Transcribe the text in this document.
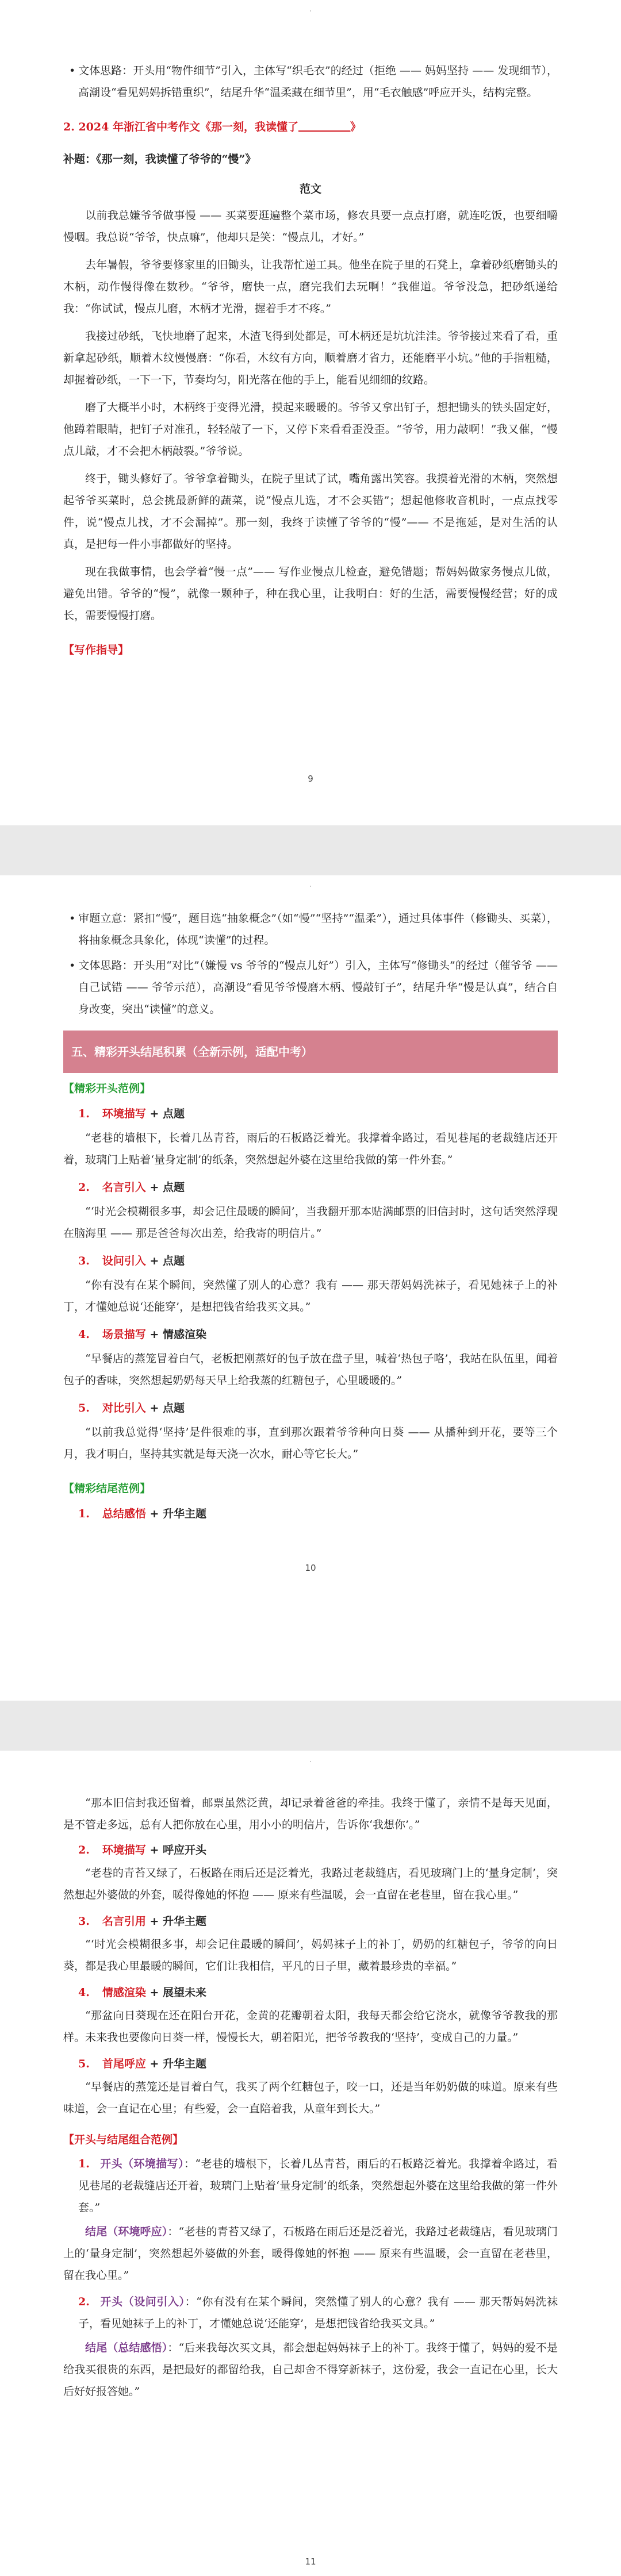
• 文体思路：开头用“物件细节”引入，主体写“织毛衣”的经过（拒绝 —— 妈妈坚持 —— 发现细节），高潮设“看见妈妈拆错重织”，结尾升华“温柔藏在细节里”，用“毛衣触感”呼应开头，结构完整。

2. 2024 年浙江省中考作文《那一刻，我读懂了	》

补题：《那一刻，我读懂了爷爷的“慢”》

范文

以前我总嫌爷爷做事慢 —— 买菜要逛遍整个菜市场，修农具要一点点打磨，就连吃饭，也要细嚼慢咽。我总说“爷爷，快点嘛”，他却只是笑：“慢点儿，才好。”

去年暑假，爷爷要修家里的旧锄头，让我帮忙递工具。他坐在院子里的石凳上，拿着砂纸磨锄头的木柄，动作慢得像在数秒。“爷爷，磨快一点，磨完我们去玩啊！”我催道。爷爷没急，把砂纸递给我：“你试试，慢点儿磨，木柄才光滑，握着手才不疼。”

我接过砂纸，飞快地磨了起来，木渣飞得到处都是，可木柄还是坑坑洼洼。爷爷接过来看了看，重新拿起砂纸，顺着木纹慢慢磨：“你看，木纹有方向，顺着磨才省力，还能磨平小坑。”他的手指粗糙，却握着砂纸，一下一下，节奏均匀，阳光落在他的手上，能看见细细的纹路。

磨了大概半小时，木柄终于变得光滑，摸起来暖暖的。爷爷又拿出钉子，想把锄头的铁头固定好，他蹲着眼睛，把钉子对准孔，轻轻敲了一下，又停下来看看歪没歪。“爷爷，用力敲啊！”我又催，“慢点儿敲，才不会把木柄敲裂。”爷爷说。

终于，锄头修好了。爷爷拿着锄头，在院子里试了试，嘴角露出笑容。我摸着光滑的木柄，突然想起爷爷买菜时，总会挑最新鲜的蔬菜，说“慢点儿选，才不会买错”；想起他修收音机时，一点点找零件，说“慢点儿找，才不会漏掉”。那一刻，我终于读懂了爷爷的“慢”—— 不是拖延，是对生活的认真，是把每一件小事都做好的坚持。

现在我做事情，也会学着“慢一点”—— 写作业慢点儿检查，避免错题；帮妈妈做家务慢点儿做，避免出错。爷爷的“慢”，就像一颗种子，种在我心里，让我明白：好的生活，需要慢慢经营；好的成长，需要慢慢打磨。

【写作指导】

9

• 审题立意：紧扣“慢”，题目选“抽象概念”（如“慢”“坚持”“温柔”），通过具体事件（修锄头、买菜），将抽象概念具象化，体现“读懂”的过程。

• 文体思路：开头用“对比”（嫌慢 vs 爷爷的“慢点儿好”）引入，主体写“修锄头”的经过（催爷爷 —— 自己试错 —— 爷爷示范），高潮设“看见爷爷慢磨木柄、慢敲钉子”，结尾升华“慢是认真”，结合自身改变，突出“读懂”的意义。

五、精彩开头结尾积累（全新示例，适配中考）

【精彩开头范例】

1. 环境描写 + 点题

“老巷的墙根下，长着几丛青苔，雨后的石板路泛着光。我撑着伞路过，看见巷尾的老裁缝店还开着，玻璃门上贴着‘量身定制’的纸条，突然想起外婆在这里给我做的第一件外套。”

2. 名言引入 + 点题

“‘时光会模糊很多事，却会记住最暖的瞬间’，当我翻开那本贴满邮票的旧信封时，这句话突然浮现在脑海里 —— 那是爸爸每次出差，给我寄的明信片。”

3. 设问引入 + 点题

“你有没有在某个瞬间，突然懂了别人的心意？我有 —— 那天帮妈妈洗袜子，看见她袜子上的补丁，才懂她总说‘还能穿’，是想把钱省给我买文具。”

4. 场景描写 + 情感渲染

“早餐店的蒸笼冒着白气，老板把刚蒸好的包子放在盘子里，喊着‘热包子咯’，我站在队伍里，闻着包子的香味，突然想起奶奶每天早上给我蒸的红糖包子，心里暖暖的。”

5. 对比引入 + 点题

“以前我总觉得‘坚持’是件很难的事，直到那次跟着爷爷种向日葵 —— 从播种到开花，要等三个月，我才明白，坚持其实就是每天浇一次水，耐心等它长大。”

【精彩结尾范例】

1. 总结感悟 + 升华主题

10

“那本旧信封我还留着，邮票虽然泛黄，却记录着爸爸的牵挂。我终于懂了，亲情不是每天见面，是不管走多远，总有人把你放在心里，用小小的明信片，告诉你‘我想你’。”

2. 环境描写 + 呼应开头

“老巷的青苔又绿了，石板路在雨后还是泛着光，我路过老裁缝店，看见玻璃门上的‘量身定制’，突然想起外婆做的外套，暖得像她的怀抱 —— 原来有些温暖，会一直留在老巷里，留在我心里。”

3. 名言引用 + 升华主题

“‘时光会模糊很多事，却会记住最暖的瞬间’，妈妈袜子上的补丁，奶奶的红糖包子，爷爷的向日葵，都是我心里最暖的瞬间，它们让我相信，平凡的日子里，藏着最珍贵的幸福。”

4. 情感渲染 + 展望未来

“那盆向日葵现在还在阳台开花，金黄的花瓣朝着太阳，我每天都会给它浇水，就像爷爷教我的那样。未来我也要像向日葵一样，慢慢长大，朝着阳光，把爷爷教我的‘坚持’，变成自己的力量。”

5. 首尾呼应 + 升华主题

“早餐店的蒸笼还是冒着白气，我买了两个红糖包子，咬一口，还是当年奶奶做的味道。原来有些味道，会一直记在心里；有些爱，会一直陪着我，从童年到长大。”

【开头与结尾组合范例】

1. 开头（环境描写）：“老巷的墙根下，长着几丛青苔，雨后的石板路泛着光。我撑着伞路过，看见巷尾的老裁缝店还开着，玻璃门上贴着‘量身定制’的纸条，突然想起外婆在这里给我做的第一件外套。”

结尾（环境呼应）：“老巷的青苔又绿了，石板路在雨后还是泛着光，我路过老裁缝店，看见玻璃门上的‘量身定制’，突然想起外婆做的外套，暖得像她的怀抱 —— 原来有些温暖，会一直留在老巷里，留在我心里。”

2. 开头（设问引入）：“你有没有在某个瞬间，突然懂了别人的心意？我有 —— 那天帮妈妈洗袜子，看见她袜子上的补丁，才懂她总说‘还能穿’，是想把钱省给我买文具。”

结尾（总结感悟）：“后来我每次买文具，都会想起妈妈袜子上的补丁。我终于懂了，妈妈的爱不是给我买很贵的东西，是把最好的都留给我，自己却舍不得穿新袜子，这份爱，我会一直记在心里，长大后好好报答她。”

11
